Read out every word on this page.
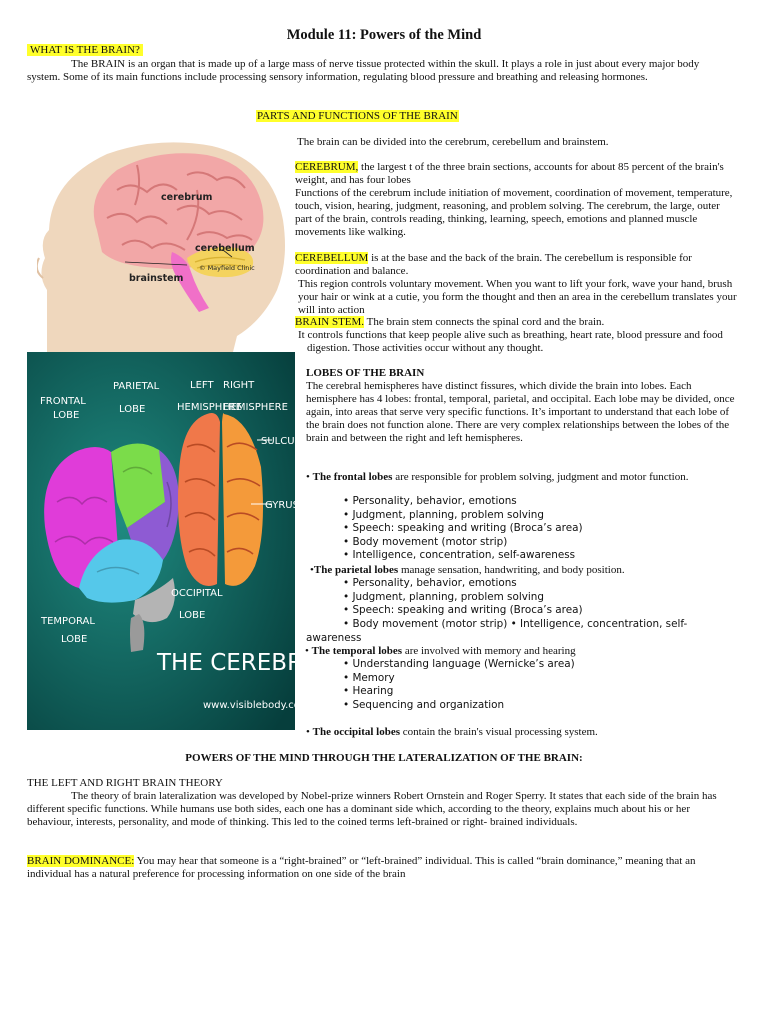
Module 11: Powers of the Mind
WHAT IS THE BRAIN?
The BRAIN is an organ that is made up of a large mass of nerve tissue protected within the skull. It plays a role in just about every major body system. Some of its main functions include processing sensory information, regulating blood pressure and breathing and releasing hormones.
PARTS AND FUNCTIONS OF THE BRAIN
cerebrum
cerebellum
brainstem
© Mayfield Clinic
The brain can be divided into the cerebrum, cerebellum and brainstem.
CEREBRUM, the largest t of the three brain sections, accounts for about 85 percent of the brain's weight, and has four lobes
Functions of the cerebrum include initiation of movement, coordination of movement, temperature, touch, vision, hearing, judgment, reasoning, and problem solving. The cerebrum, the large, outer part of the brain, controls reading, thinking, learning, speech, emotions and planned muscle movements like walking.
CEREBELLUM is at the base and the back of the brain. The cerebellum is responsible for coordination and balance.
This region controls voluntary movement. When you want to lift your fork, wave your hand, brush your hair or wink at a cutie, you form the thought and then an area in the cerebellum translates your will into action
BRAIN STEM. The brain stem connects the spinal cord and the brain.
It controls functions that keep people alive such as breathing, heart rate, blood pressure and food digestion. Those activities occur without any thought.
FRONTAL
LOBE
PARIETAL
LOBE
LEFT
HEMISPHERE
RIGHT
HEMISPHERE
SULCU
GYRU
TEMPORAL
LOBE
OCCIPITAL
LOBE
THE CEREB
www.visiblebody.c
LOBES OF THE BRAIN
The cerebral hemispheres have distinct fissures, which divide the brain into lobes. Each hemisphere has 4 lobes: frontal, temporal, parietal, and occipital. Each lobe may be divided, once again, into areas that serve very specific functions. It’s important to understand that each lobe of the brain does not function alone. There are very complex relationships between the lobes of the brain and between the right and left hemispheres.
• The frontal lobes are responsible for problem solving, judgment and motor function.
• Personality, behavior, emotions
• Judgment, planning, problem solving
• Speech: speaking and writing (Broca’s area)
• Body movement (motor strip)
• Intelligence, concentration, self-awareness
•The parietal lobes manage sensation, handwriting, and body position.
• Personality, behavior, emotions
• Judgment, planning, problem solving
• Speech: speaking and writing (Broca’s area)
• Body movement (motor strip) • Intelligence, concentration, self-
awareness
• The temporal lobes are involved with memory and hearing
• Understanding language (Wernicke’s area)
• Memory
• Hearing
• Sequencing and organization
• The occipital lobes contain the brain's visual processing system.
POWERS OF THE MIND THROUGH THE LATERALIZATION OF THE BRAIN:
THE LEFT AND RIGHT BRAIN THEORY
The theory of brain lateralization was developed by Nobel-prize winners Robert Ornstein and Roger Sperry. It states that each side of the brain has different specific functions. While humans use both sides, each one has a dominant side which, according to the theory, explains much about his or her behaviour, interests, personality, and mode of thinking. This led to the coined terms left-brained or right- brained individuals.
BRAIN DOMINANCE: You may hear that someone is a “right-brained” or “left-brained” individual. This is called “brain dominance,” meaning that an individual has a natural preference for processing information on one side of the brain
